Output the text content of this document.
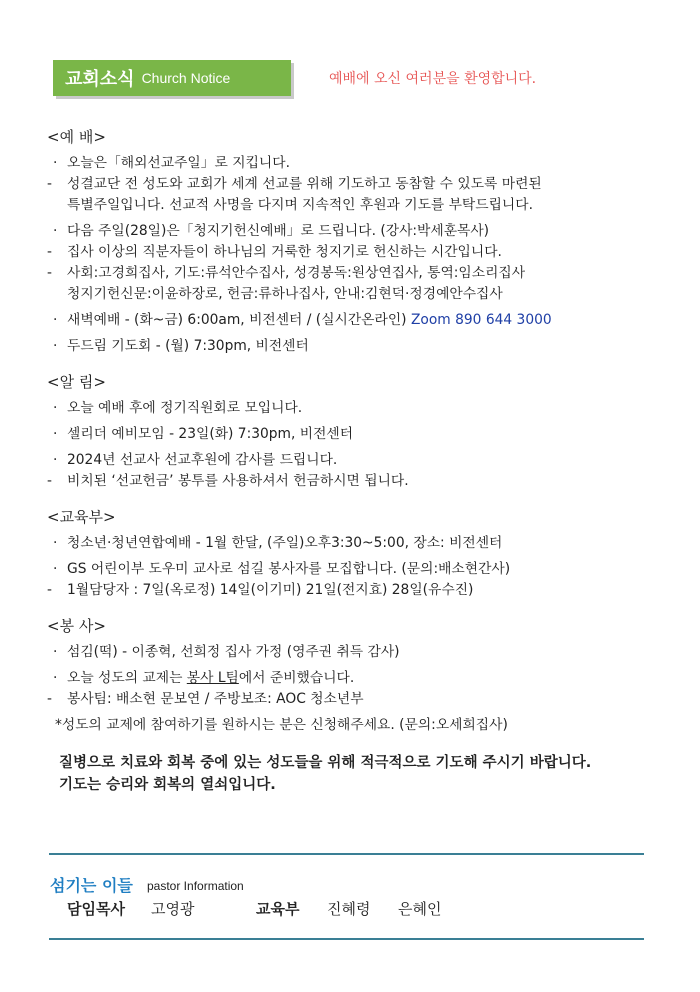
교회소식 Church Notice	예배에 오신 여러분을 환영합니다.
<예 배>
· 오늘은「해외선교주일」로 지킵니다.
- 성결교단 전 성도와 교회가 세계 선교를 위해 기도하고 동참할 수 있도록 마련된
특별주일입니다. 선교적 사명을 다지며 지속적인 후원과 기도를 부탁드립니다.
· 다음 주일(28일)은「청지기헌신예배」로 드립니다. (강사:박세훈목사)
- 집사 이상의 직분자들이 하나님의 거룩한 청지기로 헌신하는 시간입니다.
- 사회:고경희집사, 기도:류석안수집사, 성경봉독:원상연집사, 통역:임소리집사
청지기헌신문:이윤하장로, 헌금:류하나집사, 안내:김현덕·정경예안수집사
· 새벽예배 - (화~금) 6:00am, 비전센터 / (실시간온라인) Zoom 890 644 3000
· 두드림 기도회 - (월) 7:30pm, 비전센터
<알 림>
· 오늘 예배 후에 정기직원회로 모입니다.
· 셀리더 예비모임 - 23일(화) 7:30pm, 비전센터
· 2024년 선교사 선교후원에 감사를 드립니다.
- 비치된 ‘선교헌금’ 봉투를 사용하셔서 헌금하시면 됩니다.
<교육부>
· 청소년·청년연합예배 - 1월 한달, (주일)오후3:30~5:00, 장소: 비전센터
· GS 어린이부 도우미 교사로 섬길 봉사자를 모집합니다. (문의:배소현간사)
- 1월담당자 : 7일(옥로정) 14일(이기미) 21일(전지효) 28일(유수진)
<봉 사>
· 섬김(떡) - 이종혁, 선희정 집사 가정 (영주권 취득 감사)
· 오늘 성도의 교제는 봉사 L팀에서 준비했습니다.
- 봉사팀: 배소현 문보연 / 주방보조: AOC 청소년부
*성도의 교제에 참여하기를 원하시는 분은 신청해주세요. (문의:오세희집사)
질병으로 치료와 회복 중에 있는 성도들을 위해 적극적으로 기도해 주시기 바랍니다.
기도는 승리와 회복의 열쇠입니다.
섬기는 이들 pastor Information
담임목사 고영광	교육부 진혜령 은혜인
